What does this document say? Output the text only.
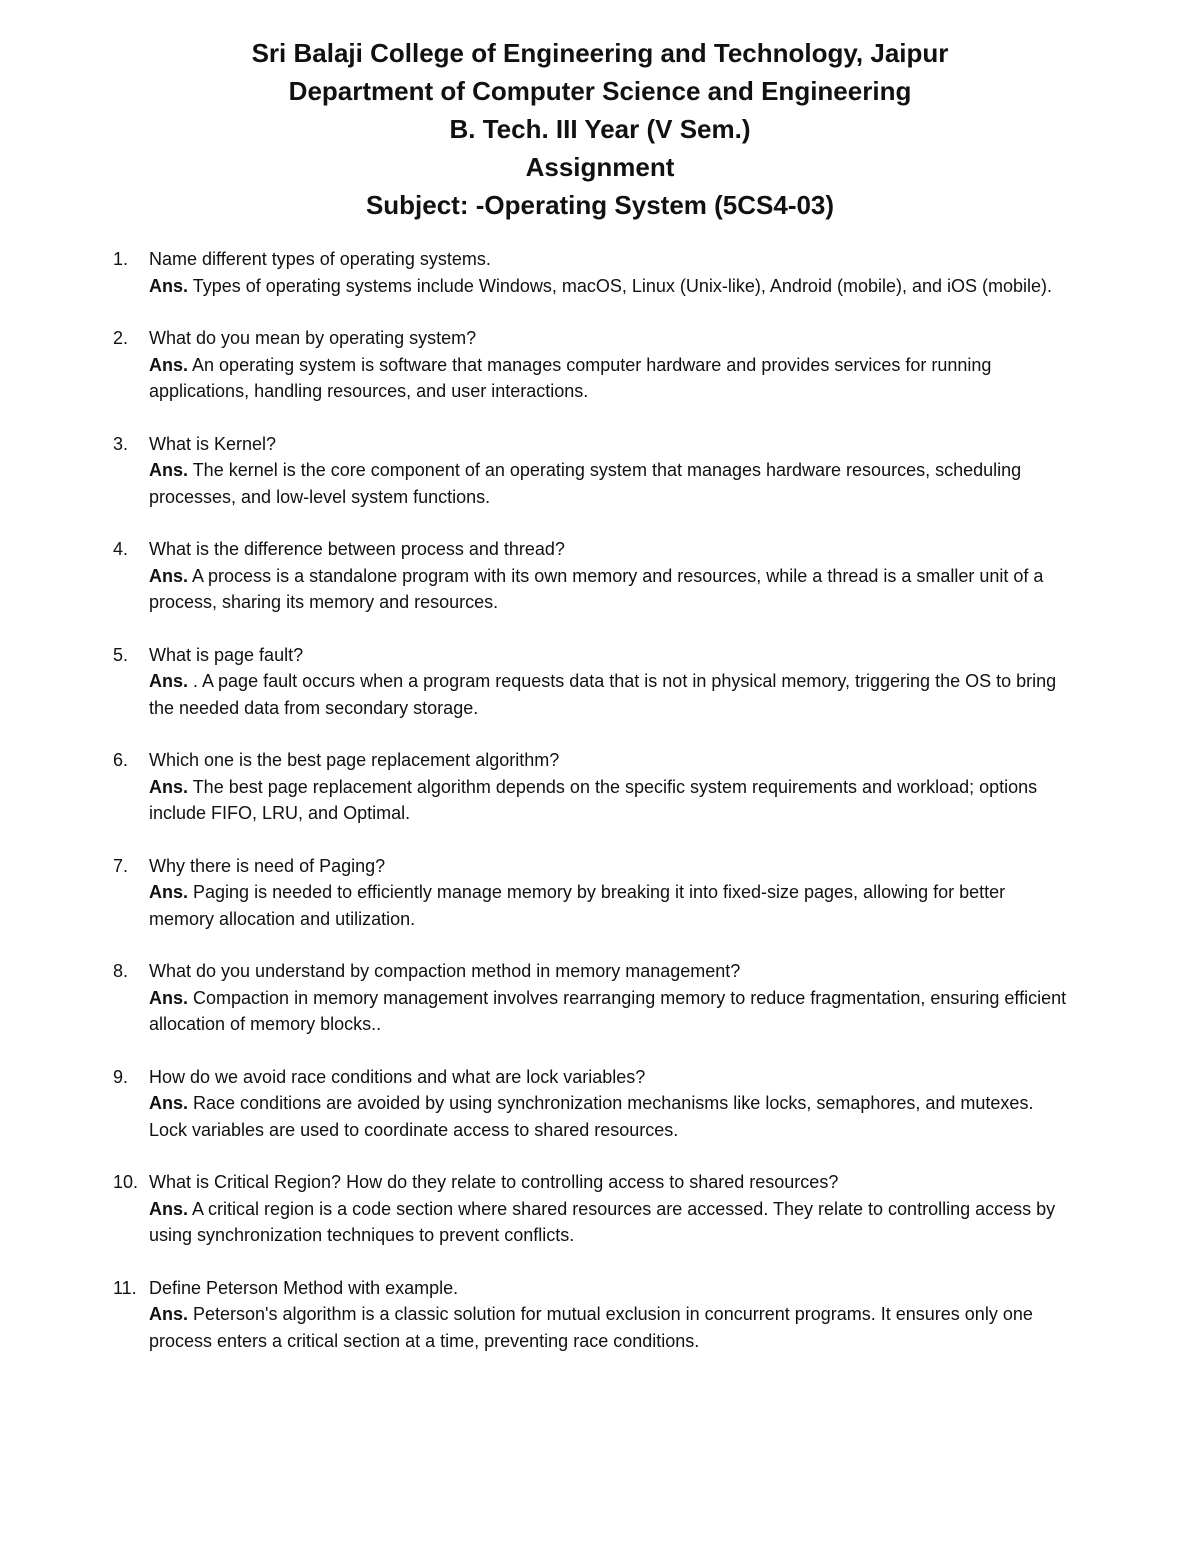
Sri Balaji College of Engineering and Technology, Jaipur
Department of Computer Science and Engineering
B. Tech. III Year (V Sem.)
Assignment
Subject: -Operating System (5CS4-03)
1.	Name different types of operating systems.
Ans. Types of operating systems include Windows, macOS, Linux (Unix-like), Android (mobile), and iOS (mobile).
2.	What do you mean by operating system?
Ans. An operating system is software that manages computer hardware and provides services for running applications, handling resources, and user interactions.
3.	What is Kernel?
Ans. The kernel is the core component of an operating system that manages hardware resources, scheduling processes, and low-level system functions.
4.	What is the difference between process and thread?
Ans. A process is a standalone program with its own memory and resources, while a thread is a smaller unit of a process, sharing its memory and resources.
5.	What is page fault?
Ans. . A page fault occurs when a program requests data that is not in physical memory, triggering the OS to bring the needed data from secondary storage.
6.	Which one is the best page replacement algorithm?
Ans. The best page replacement algorithm depends on the specific system requirements and workload; options include FIFO, LRU, and Optimal.
7.	Why there is need of Paging?
Ans. Paging is needed to efficiently manage memory by breaking it into fixed-size pages, allowing for better memory allocation and utilization.
8.	What do you understand by compaction method in memory management?
Ans. Compaction in memory management involves rearranging memory to reduce fragmentation, ensuring efficient allocation of memory blocks..
9.	How do we avoid race conditions and what are lock variables?
Ans. Race conditions are avoided by using synchronization mechanisms like locks, semaphores, and mutexes. Lock variables are used to coordinate access to shared resources.
10. What is Critical Region? How do they relate to controlling access to shared resources?
Ans. A critical region is a code section where shared resources are accessed. They relate to controlling access by using synchronization techniques to prevent conflicts.
11. Define Peterson Method with example.
Ans. Peterson's algorithm is a classic solution for mutual exclusion in concurrent programs. It ensures only one process enters a critical section at a time, preventing race conditions.
